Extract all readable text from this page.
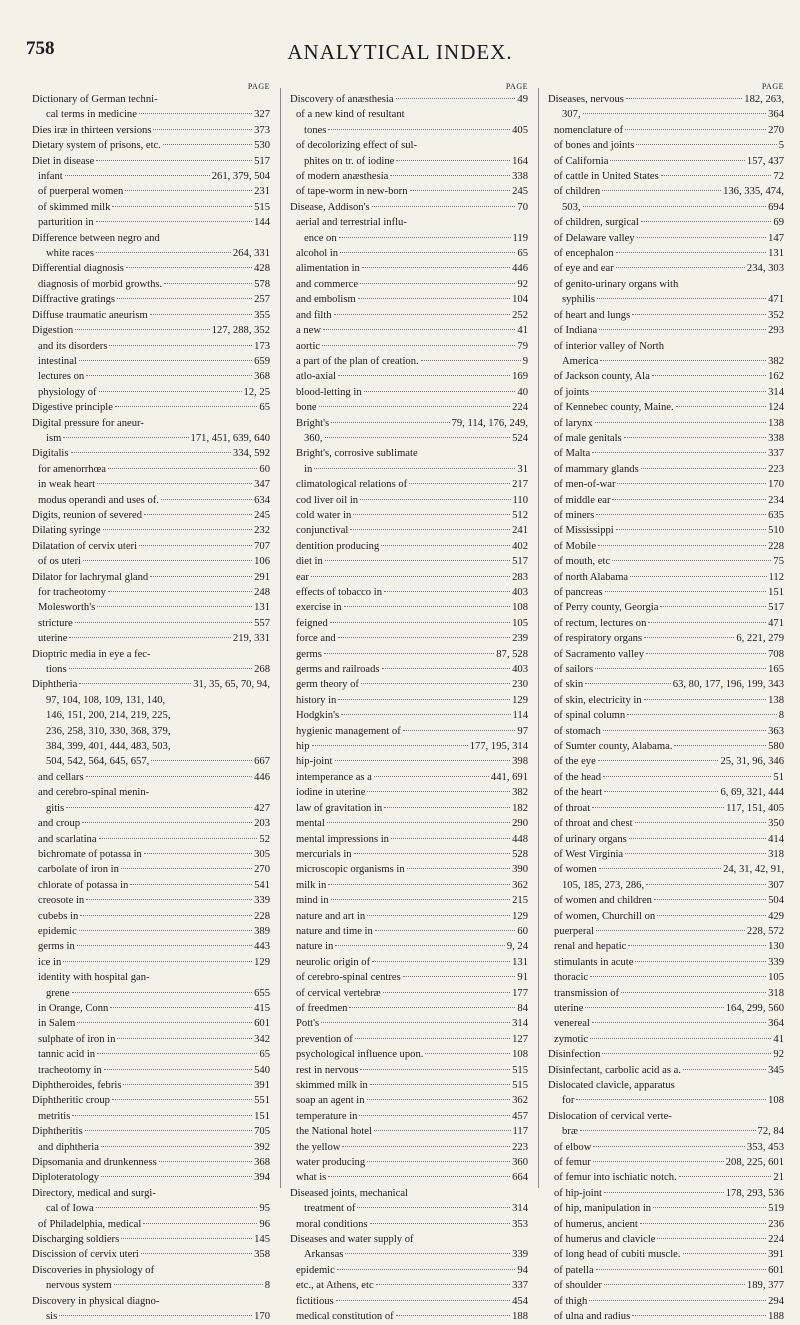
758	ANALYTICAL INDEX.
PAGE
Dictionary of German techni-
cal terms in medicine	327
Dies iræ in thirteen versions	373
Dietary system of prisons, etc.	530
Diet in disease	517
infant	261, 379, 504
of puerperal women	231
of skimmed milk	515
parturition in	144
Difference between negro and
white races	264, 331
Differential diagnosis	428
diagnosis of morbid growths.	578
Diffractive gratings	257
Diffuse traumatic aneurism	355
Digestion	127, 288, 352
and its disorders	173
intestinal	659
lectures on	368
physiology of	12, 25
Digestive principle	65
Digital pressure for aneur-
ism	171, 451, 639, 640
Digitalis	334, 592
for amenorrhœa	60
in weak heart	347
modus operandi and uses of.	634
Digits, reunion of severed	245
Dilating syringe	232
Dilatation of cervix uteri	707
of os uteri	106
Dilator for lachrymal gland	291
for tracheotomy	248
Molesworth's	131
stricture	557
uterine	219, 331
Dioptric media in eye a fec-
tions	268
Diphtheria	31, 35, 65, 70, 94,
97, 104, 108, 109, 131, 140,
146, 151, 200, 214, 219, 225,
236, 258, 310, 330, 368, 379,
384, 399, 401, 444, 483, 503,
504, 542, 564, 645, 657,	667
and cellars	446
and cerebro-spinal menin-
gitis	427
and croup	203
and scarlatina	52
bichromate of potassa in	305
carbolate of iron in	270
chlorate of potassa in	541
creosote in	339
cubebs in	228
epidemic	389
germs in	443
ice in	129
identity with hospital gan-
grene	655
in Orange, Conn	415
in Salem	601
sulphate of iron in	342
tannic acid in	65
tracheotomy in	540
Diphtheroides, febris	391
Diphtheritic croup	551
metritis	151
Diphtheritis	705
and diphtheria	392
Dipsomania and drunkenness	368
Diploteratology	394
Directory, medical and surgi-
cal of Iowa	95
of Philadelphia, medical	96
Discharging soldiers	145
Discission of cervix uteri	358
Discoveries in physiology of
nervous system	8
Discovery in physical diagno-
sis	170
PAGE
Discovery of anæsthesia	49
of a new kind of resultant
tones	405
of decolorizing effect of sul-
phites on tr. of iodine	164
of modern anæsthesia	338
of tape-worm in new-born	245
Disease, Addison's	70
aerial and terrestrial influ-
ence on	119
alcohol in	65
alimentation in	446
and commerce	92
and embolism	104
and filth	252
a new	41
aortic	79
a part of the plan of creation.	9
atlo-axial	169
blood-letting in	40
bone	224
Bright's	79, 114, 176, 249,
360,	524
Bright's, corrosive sublimate
in	31
climatological relations of	217
cod liver oil in	110
cold water in	512
conjunctival	241
dentition producing	402
diet in	517
ear	283
effects of tobacco in	403
exercise in	108
feigned	105
force and	239
germs	87, 528
germs and railroads	403
germ theory of	230
history in	129
Hodgkin's	114
hygienic management of	97
hip	177, 195, 314
hip-joint	398
intemperance as a	441, 691
iodine in uterine	382
law of gravitation in	182
mental	290
mental impressions in	448
mercurials in	528
microscopic organisms in	390
milk in	362
mind in	215
nature and art in	129
nature and time in	60
nature in	9, 24
neurolic origin of	131
of cerebro-spinal centres	91
of cervical vertebræ	177
of freedmen	84
Pott's	314
prevention of	127
psychological influence upon.	108
rest in nervous	515
skimmed milk in	515
soap an agent in	362
temperature in	457
the National hotel	117
the yellow	223
water producing	360
what is	664
Diseased joints, mechanical
treatment of	314
moral conditions	353
Diseases and water supply of
Arkansas	339
epidemic	94
etc., at Athens, etc	337
fictitious	454
medical constitution of	188
PAGE
Diseases, nervous	182, 263,
307,	364
nomenclature of	270
of bones and joints	5
of California	157, 437
of cattle in United States	72
of children	136, 335, 474,
503,	694
of children, surgical	69
of Delaware valley	147
of encephalon	131
of eye and ear	234, 303
of genito-urinary organs with
syphilis	471
of heart and lungs	352
of Indiana	293
of interior valley of North
America	382
of Jackson county, Ala	162
of joints	314
of Kennebec county, Maine.	124
of larynx	138
of male genitals	338
of Malta	337
of mammary glands	223
of men-of-war	170
of middle ear	234
of miners	635
of Mississippi	510
of Mobile	228
of mouth, etc	75
of north Alabama	112
of pancreas	151
of Perry county, Georgia	517
of rectum, lectures on	471
of respiratory organs	6, 221, 279
of Sacramento valley	708
of sailors	165
of skin	63, 80, 177, 196, 199, 343
of skin, electricity in	138
of spinal column	8
of stomach	363
of Sumter county, Alabama.	580
of the eye	25, 31, 96, 346
of the head	51
of the heart	6, 69, 321, 444
of throat	117, 151, 405
of throat and chest	350
of urinary organs	414
of West Virginia	318
of women	24, 31, 42, 91,
105, 185, 273, 286,	307
of women and children	504
of women, Churchill on	429
puerperal	228, 572
renal and hepatic	130
stimulants in acute	339
thoracic	105
transmission of	318
uterine	164, 299, 560
venereal	364
zymotic	41
Disinfection	92
Disinfectant, carbolic acid as a.	345
Dislocated clavicle, apparatus
for	108
Dislocation of cervical verte-
bræ	72, 84
of elbow	353, 453
of femur	208, 225, 601
of femur into ischiatic notch.	21
of hip-joint	178, 293, 536
of hip, manipulation in	519
of humerus, ancient	236
of humerus and clavicle	224
of long head of cubiti muscle.	391
of patella	601
of shoulder	189, 377
of thigh	294
of ulna and radius	188
